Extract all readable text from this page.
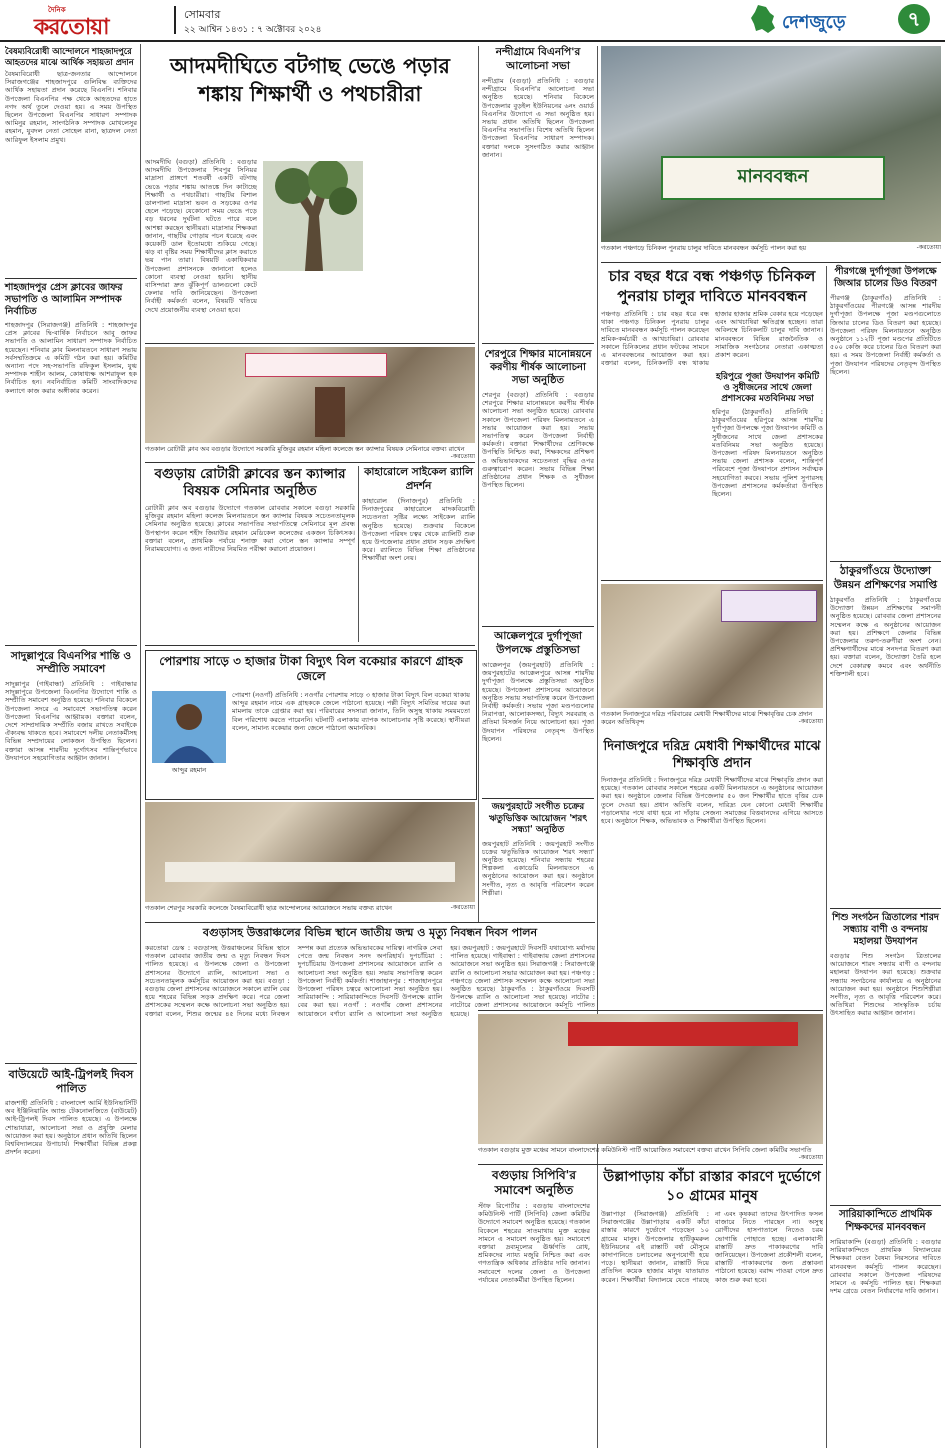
দৈনিক
করতোয়া	সোমবার
২২ আশ্বিন ১৪৩১ : ৭ অক্টোবর ২০২৪	দেশজুড়ে	৭
বৈষম্যবিরোধী আন্দোলনে শাহজাদপুরে আহতদের মাঝে আর্থিক সহায়তা প্রদান
বৈষম্যবিরোধী ছাত্র-জনতার আন্দোলনে সিরাজগঞ্জের শাহজাদপুরে গুলিবিদ্ধ ব্যক্তিদের আর্থিক সহায়তা প্রদান করেছে বিএনপি। শনিবার উপজেলা বিএনপির পক্ষ থেকে আহতদের হাতে নগদ অর্থ তুলে দেওয়া হয়। এ সময় উপস্থিত ছিলেন উপজেলা বিএনপির সাধারণ সম্পাদক আমিনুর রহমান, সাংগঠনিক সম্পাদক মোখলেসুর রহমান, যুবদল নেতা সোহেল রানা, ছাত্রদল নেতা আরিফুল ইসলাম প্রমুখ।
শাহজাদপুর প্রেস ক্লাবের জাফর সভাপতি ও আলামিন সম্পাদক নির্বাচিত
শাহজাদপুর (সিরাজগঞ্জ) প্রতিনিধি : শাহজাদপুর প্রেস ক্লাবের দ্বি-বার্ষিক নির্বাচনে আবু জাফর সভাপতি ও আলামিন সাধারণ সম্পাদক নির্বাচিত হয়েছেন। শনিবার ক্লাব মিলনায়তনে সাধারণ সভায় সর্বসম্মতিক্রমে এ কমিটি গঠন করা হয়। কমিটির অন্যান্য পদে সহ-সভাপতি রফিকুল ইসলাম, যুগ্ম সম্পাদক শাহীন আলম, কোষাধ্যক্ষ আশরাফুল হক নির্বাচিত হন। নবনির্বাচিত কমিটি সাংবাদিকদের কল্যাণে কাজ করার অঙ্গীকার করেন।
সাদুল্লাপুরে বিএনপির শান্তি ও সম্প্রীতি সমাবেশ
সাদুল্লাপুর (গাইবান্ধা) প্রতিনিধি : গাইবান্ধার সাদুল্লাপুরে উপজেলা বিএনপির উদ্যোগে শান্তি ও সম্প্রীতি সমাবেশ অনুষ্ঠিত হয়েছে। শনিবার বিকেলে উপজেলা সদরে এ সমাবেশে সভাপতিত্ব করেন উপজেলা বিএনপির আহ্বায়ক। বক্তারা বলেন, দেশে সাম্প্রদায়িক সম্প্রীতি বজায় রাখতে সবাইকে ঐক্যবদ্ধ থাকতে হবে। সমাবেশে দলীয় নেতাকর্মীসহ বিভিন্ন সম্প্রদায়ের লোকজন উপস্থিত ছিলেন। বক্তারা আসন্ন শারদীয় দুর্গোৎসব শান্তিপূর্ণভাবে উদযাপনে সহযোগিতার আহ্বান জানান।
বাউয়েটে আই-ট্রিপলই দিবস পালিত
রাজশাহী প্রতিনিধি : বাংলাদেশ আর্মি ইউনিভার্সিটি অব ইঞ্জিনিয়ারিং অ্যান্ড টেকনোলজিতে (বাউয়েট) আই-ট্রিপলই দিবস পালিত হয়েছে। এ উপলক্ষে শোভাযাত্রা, আলোচনা সভা ও প্রযুক্তি মেলার আয়োজন করা হয়। অনুষ্ঠানে প্রধান অতিথি ছিলেন বিশ্ববিদ্যালয়ের উপাচার্য। শিক্ষার্থীরা বিভিন্ন প্রকল্প প্রদর্শন করেন।
আদমদীঘিতে বটগাছ ভেঙে পড়ার শঙ্কায় শিক্ষার্থী ও পথচারীরা
আদমদীঘি (বগুড়া) প্রতিনিধি : বগুড়ার আদমদীঘি উপজেলার শিবপুর সিনিয়র মাদ্রাসা প্রাঙ্গণে শতবর্ষী একটি বটগাছ ভেঙে পড়ার শঙ্কায় আতঙ্কে দিন কাটাচ্ছে শিক্ষার্থী ও পথচারীরা। গাছটির বিশাল ডালপালা মাদ্রাসা ভবন ও সড়কের ওপর হেলে পড়েছে। যেকোনো সময় ভেঙে পড়ে বড় ধরনের দুর্ঘটনা ঘটতে পারে বলে আশঙ্কা করছেন স্থানীয়রা। মাদ্রাসার শিক্ষকরা জানান, গাছটির গোড়ায় পচন ধরেছে এবং কয়েকটি ডাল ইতোমধ্যে শুকিয়ে গেছে। ঝড় বা বৃষ্টির সময় শিক্ষার্থীদের ক্লাস করাতে ভয় পান তারা। বিষয়টি একাধিকবার উপজেলা প্রশাসনকে জানানো হলেও কোনো ব্যবস্থা নেওয়া হয়নি। স্থানীয় বাসিন্দারা দ্রুত ঝুঁকিপূর্ণ ডালগুলো কেটে ফেলার দাবি জানিয়েছেন। উপজেলা নির্বাহী কর্মকর্তা বলেন, বিষয়টি খতিয়ে দেখে প্রয়োজনীয় ব্যবস্থা নেওয়া হবে।
গতকাল রোটারী ক্লাব অব বগুড়ার উদ্যোগে সরকারি মুজিবুর রহমান মহিলা কলেজে স্তন ক্যান্সার বিষয়ক সেমিনারে বক্তব্য রাখেন
-করতোয়া
বগুড়ায় রোটারী ক্লাবের স্তন ক্যান্সার বিষয়ক সেমিনার অনুষ্ঠিত
রোটারী ক্লাব অব বগুড়ার উদ্যোগে গতকাল রোববার সকালে বগুড়া সরকারি মুজিবুর রহমান মহিলা কলেজ মিলনায়তনে স্তন ক্যান্সার বিষয়ক সচেতনতামূলক সেমিনার অনুষ্ঠিত হয়েছে। ক্লাবের সভাপতির সভাপতিত্বে সেমিনারে মূল প্রবন্ধ উপস্থাপন করেন শহীদ জিয়াউর রহমান মেডিকেল কলেজের একজন চিকিৎসক। বক্তারা বলেন, প্রাথমিক পর্যায়ে শনাক্ত করা গেলে স্তন ক্যান্সার সম্পূর্ণ নিরাময়যোগ্য। এ জন্য নারীদের নিয়মিত পরীক্ষা করানো প্রয়োজন।
কাহারোলে সাইকেল র‌্যালি প্রদর্শন
কাহারোল (দিনাজপুর) প্রতিনিধি : দিনাজপুরের কাহারোলে মাদকবিরোধী সচেতনতা সৃষ্টির লক্ষ্যে সাইকেল র‌্যালি অনুষ্ঠিত হয়েছে। শুক্রবার বিকেলে উপজেলা পরিষদ চত্বর থেকে র‌্যালিটি শুরু হয়ে উপজেলার প্রধান প্রধান সড়ক প্রদক্ষিণ করে। র‌্যালিতে বিভিন্ন শিক্ষা প্রতিষ্ঠানের শিক্ষার্থীরা অংশ নেয়।
পোরশায় সাড়ে ৩ হাজার টাকা বিদ্যুৎ বিল বকেয়ার কারণে গ্রাহক জেলে
আব্দুর রহমান
পোরশা (নওগাঁ) প্রতিনিধি : নওগাঁর পোরশায় সাড়ে ৩ হাজার টাকা বিদ্যুৎ বিল বকেয়া থাকায় আব্দুর রহমান নামে এক গ্রাহককে জেলে পাঠানো হয়েছে। পল্লী বিদ্যুৎ সমিতির দায়ের করা মামলায় তাকে গ্রেপ্তার করা হয়। পরিবারের সদস্যরা জানান, তিনি অসুস্থ থাকায় সময়মতো বিল পরিশোধ করতে পারেননি। ঘটনাটি এলাকায় ব্যাপক আলোচনার সৃষ্টি করেছে। স্থানীয়রা বলেন, সামান্য বকেয়ার জন্য জেলে পাঠানো অমানবিক।
গতকাল শেরপুর সরকারি কলেজে বৈষম্যবিরোধী ছাত্র আন্দোলনের আয়োজনে সভায় বক্তব্য রাখেন	-করতোয়া
বগুড়াসহ উত্তরাঞ্চলের বিভিন্ন স্থানে জাতীয় জন্ম ও মৃত্যু নিবন্ধন দিবস পালন
করতোয়া ডেস্ক : বগুড়াসহ উত্তরাঞ্চলের বিভিন্ন স্থানে গতকাল রোববার জাতীয় জন্ম ও মৃত্যু নিবন্ধন দিবস পালিত হয়েছে। এ উপলক্ষে জেলা ও উপজেলা প্রশাসনের উদ্যোগে র‌্যালি, আলোচনা সভা ও সচেতনতামূলক কর্মসূচির আয়োজন করা হয়। বগুড়া : বগুড়ায় জেলা প্রশাসনের আয়োজনে সকালে র‌্যালি বের হয়ে শহরের বিভিন্ন সড়ক প্রদক্ষিণ করে। পরে জেলা প্রশাসকের সম্মেলন কক্ষে আলোচনা সভা অনুষ্ঠিত হয়। বক্তারা বলেন, শিশুর জন্মের ৪৫ দিনের মধ্যে নিবন্ধন সম্পন্ন করা প্রত্যেক অভিভাবকের দায়িত্ব। নাগরিক সেবা পেতে জন্ম নিবন্ধন সনদ অপরিহার্য। দুপচাঁচিয়া : দুপচাঁচিয়ায় উপজেলা প্রশাসনের আয়োজনে র‌্যালি ও আলোচনা সভা অনুষ্ঠিত হয়। সভায় সভাপতিত্ব করেন উপজেলা নির্বাহী কর্মকর্তা। শাজাহানপুর : শাজাহানপুরে উপজেলা পরিষদ চত্বরে আলোচনা সভা অনুষ্ঠিত হয়। সারিয়াকান্দি : সারিয়াকান্দিতে দিবসটি উপলক্ষে র‌্যালি বের করা হয়। নওগাঁ : নওগাঁয় জেলা প্রশাসনের আয়োজনে বর্ণাঢ্য র‌্যালি ও আলোচনা সভা অনুষ্ঠিত হয়। জয়পুরহাট : জয়পুরহাটে দিবসটি যথাযোগ্য মর্যাদায় পালিত হয়েছে। গাইবান্ধা : গাইবান্ধায় জেলা প্রশাসনের আয়োজনে সভা অনুষ্ঠিত হয়। সিরাজগঞ্জ : সিরাজগঞ্জে র‌্যালি ও আলোচনা সভার আয়োজন করা হয়। পঞ্চগড় : পঞ্চগড়ে জেলা প্রশাসক সম্মেলন কক্ষে আলোচনা সভা অনুষ্ঠিত হয়েছে। ঠাকুরগাঁও : ঠাকুরগাঁওয়ে দিবসটি উপলক্ষে র‌্যালি ও আলোচনা সভা হয়েছে। নাটোর : নাটোরে জেলা প্রশাসনের আয়োজনে কর্মসূচি পালিত হয়েছে।
নন্দীগ্রামে বিএনপি'র আলোচনা সভা
নন্দীগ্রাম (বগুড়া) প্রতিনিধি : বগুড়ার নন্দীগ্রামে বিএনপি'র আলোচনা সভা অনুষ্ঠিত হয়েছে। শনিবার বিকেলে উপজেলার বুড়ইল ইউনিয়নের ৬নং ওয়ার্ড বিএনপির উদ্যোগে এ সভা অনুষ্ঠিত হয়। সভায় প্রধান অতিথি ছিলেন উপজেলা বিএনপির সভাপতি। বিশেষ অতিথি ছিলেন উপজেলা বিএনপির সাধারণ সম্পাদক। বক্তারা দলকে সুসংগঠিত করার আহ্বান জানান।
শেরপুরে শিক্ষার মানোন্নয়নে করণীয় শীর্ষক আলোচনা সভা অনুষ্ঠিত
শেরপুর (বগুড়া) প্রতিনিধি : বগুড়ার শেরপুরে শিক্ষার মানোন্নয়নে করণীয় শীর্ষক আলোচনা সভা অনুষ্ঠিত হয়েছে। রোববার সকালে উপজেলা পরিষদ মিলনায়তনে এ সভার আয়োজন করা হয়। সভায় সভাপতিত্ব করেন উপজেলা নির্বাহী কর্মকর্তা। বক্তারা শিক্ষার্থীদের শ্রেণিকক্ষে উপস্থিতি নিশ্চিত করা, শিক্ষকদের প্রশিক্ষণ ও অভিভাবকদের সচেতনতা বৃদ্ধির ওপর গুরুত্বারোপ করেন। সভায় বিভিন্ন শিক্ষা প্রতিষ্ঠানের প্রধান শিক্ষক ও সুধীজন উপস্থিত ছিলেন।
আক্কেলপুরে দুর্গাপূজা উপলক্ষে প্রস্তুতিসভা
আক্কেলপুর (জয়পুরহাট) প্রতিনিধি : জয়পুরহাটের আক্কেলপুরে আসন্ন শারদীয় দুর্গাপূজা উপলক্ষে প্রস্তুতিসভা অনুষ্ঠিত হয়েছে। উপজেলা প্রশাসনের আয়োজনে অনুষ্ঠিত সভায় সভাপতিত্ব করেন উপজেলা নির্বাহী কর্মকর্তা। সভায় পূজা মণ্ডপগুলোর নিরাপত্তা, আলোকসজ্জা, বিদ্যুৎ সরবরাহ ও প্রতিমা বিসর্জন নিয়ে আলোচনা হয়। পূজা উদযাপন পরিষদের নেতৃবৃন্দ উপস্থিত ছিলেন।
জয়পুরহাটে সংগীত চক্রের ঋতুভিত্তিক আয়োজন 'শরৎ সন্ধ্যা' অনুষ্ঠিত
জয়পুরহাট প্রতিনিধি : জয়পুরহাট সংগীত চক্রের ঋতুভিত্তিক আয়োজন 'শরৎ সন্ধ্যা' অনুষ্ঠিত হয়েছে। শনিবার সন্ধ্যায় শহরের শিল্পকলা একাডেমি মিলনায়তনে এ অনুষ্ঠানের আয়োজন করা হয়। অনুষ্ঠানে সংগীত, নৃত্য ও আবৃত্তি পরিবেশন করেন শিল্পীরা।
মানববন্ধন
গতকাল পঞ্চগড়ে চিনিকল পুনরায় চালুর দাবিতে মানববন্ধন কর্মসূচি পালন করা হয়	-করতোয়া
চার বছর ধরে বন্ধ পঞ্চগড় চিনিকল পুনরায় চালুর দাবিতে মানববন্ধন
পঞ্চগড় প্রতিনিধি : চার বছর ধরে বন্ধ থাকা পঞ্চগড় চিনিকল পুনরায় চালুর দাবিতে মানববন্ধন কর্মসূচি পালন করেছেন শ্রমিক-কর্মচারী ও আখচাষিরা। রোববার সকালে চিনিকলের প্রধান ফটকের সামনে এ মানববন্ধনের আয়োজন করা হয়। বক্তারা বলেন, চিনিকলটি বন্ধ থাকায় হাজার হাজার শ্রমিক বেকার হয়ে পড়েছেন এবং আখচাষিরা ক্ষতিগ্রস্ত হচ্ছেন। তারা অবিলম্বে চিনিকলটি চালুর দাবি জানান। মানববন্ধনে বিভিন্ন রাজনৈতিক ও সামাজিক সংগঠনের নেতারা একাত্মতা প্রকাশ করেন।
পীরগঞ্জে দুর্গাপূজা উপলক্ষে জিআর চালের ডিও বিতরণ
পীরগঞ্জ (ঠাকুরগাঁও) প্রতিনিধি : ঠাকুরগাঁওয়ের পীরগঞ্জে আসন্ন শারদীয় দুর্গাপূজা উপলক্ষে পূজা মণ্ডপগুলোতে জিআর চালের ডিও বিতরণ করা হয়েছে। উপজেলা পরিষদ মিলনায়তনে অনুষ্ঠিত অনুষ্ঠানে ১১২টি পূজা মণ্ডপের প্রতিটিতে ৫০০ কেজি করে চালের ডিও বিতরণ করা হয়। এ সময় উপজেলা নির্বাহী কর্মকর্তা ও পূজা উদযাপন পরিষদের নেতৃবৃন্দ উপস্থিত ছিলেন।
হরিপুরে পূজা উদযাপন কমিটি ও সুধীজনের সাথে জেলা প্রশাসকের মতবিনিময় সভা
হরিপুর (ঠাকুরগাঁও) প্রতিনিধি : ঠাকুরগাঁওয়ের হরিপুরে আসন্ন শারদীয় দুর্গাপূজা উপলক্ষে পূজা উদযাপন কমিটি ও সুধীজনের সাথে জেলা প্রশাসকের মতবিনিময় সভা অনুষ্ঠিত হয়েছে। উপজেলা পরিষদ মিলনায়তনে অনুষ্ঠিত সভায় জেলা প্রশাসক বলেন, শান্তিপূর্ণ পরিবেশে পূজা উদযাপনে প্রশাসন সর্বাত্মক সহযোগিতা করবে। সভায় পুলিশ সুপারসহ উপজেলা প্রশাসনের কর্মকর্তারা উপস্থিত ছিলেন।
ঠাকুরগাঁওয়ে উদ্যোক্তা উন্নয়ন প্রশিক্ষণের সমাপ্তি
ঠাকুরগাঁও প্রতিনিধি : ঠাকুরগাঁওয়ে উদ্যোক্তা উন্নয়ন প্রশিক্ষণের সমাপনী অনুষ্ঠিত হয়েছে। রোববার জেলা প্রশাসনের সম্মেলন কক্ষে এ অনুষ্ঠানের আয়োজন করা হয়। প্রশিক্ষণে জেলার বিভিন্ন উপজেলার তরুণ-তরুণীরা অংশ নেন। প্রশিক্ষণার্থীদের মাঝে সনদপত্র বিতরণ করা হয়। বক্তারা বলেন, উদ্যোক্তা তৈরি হলে দেশে বেকারত্ব কমবে এবং অর্থনীতি শক্তিশালী হবে।
শিশু সংগঠন ত্রিতালের শারদ সন্ধ্যায় বাণী ও বন্দনায় মহালয়া উদযাপন
বগুড়ার শিশু সংগঠন ত্রিতালের আয়োজনে শারদ সন্ধ্যায় বাণী ও বন্দনায় মহালয়া উদযাপন করা হয়েছে। শুক্রবার সন্ধ্যায় সংগঠনের কার্যালয়ে এ অনুষ্ঠানের আয়োজন করা হয়। অনুষ্ঠানে শিশুশিল্পীরা সংগীত, নৃত্য ও আবৃত্তি পরিবেশন করে। অতিথিরা শিশুদের সাংস্কৃতিক চর্চায় উৎসাহিত করার আহ্বান জানান।
সারিয়াকান্দিতে প্রাথমিক শিক্ষকদের মানববন্ধন
সারিয়াকান্দি (বগুড়া) প্রতিনিধি : বগুড়ার সারিয়াকান্দিতে প্রাথমিক বিদ্যালয়ের শিক্ষকরা বেতন বৈষম্য নিরসনের দাবিতে মানববন্ধন কর্মসূচি পালন করেছেন। রোববার সকালে উপজেলা পরিষদের সামনে এ কর্মসূচি পালিত হয়। শিক্ষকরা দশম গ্রেডে বেতন নির্ধারণের দাবি জানান।
গতকাল দিনাজপুরে দরিদ্র পরিবারের মেধাবী শিক্ষার্থীদের মাঝে শিক্ষাবৃত্তির চেক প্রদান করেন অতিথিবৃন্দ	-করতোয়া
দিনাজপুরে দরিদ্র মেধাবী শিক্ষার্থীদের মাঝে শিক্ষাবৃত্তি প্রদান
দিনাজপুর প্রতিনিধি : দিনাজপুরে দরিদ্র মেধাবী শিক্ষার্থীদের মাঝে শিক্ষাবৃত্তি প্রদান করা হয়েছে। গতকাল রোববার সকালে শহরের একটি মিলনায়তনে এ অনুষ্ঠানের আয়োজন করা হয়। অনুষ্ঠানে জেলার বিভিন্ন উপজেলার ৫০ জন শিক্ষার্থীর হাতে বৃত্তির চেক তুলে দেওয়া হয়। প্রধান অতিথি বলেন, দারিদ্র্য যেন কোনো মেধাবী শিক্ষার্থীর পড়ালেখার পথে বাধা হয়ে না দাঁড়ায় সেজন্য সমাজের বিত্তবানদের এগিয়ে আসতে হবে। অনুষ্ঠানে শিক্ষক, অভিভাবক ও শিক্ষার্থীরা উপস্থিত ছিলেন।
গতকাল বগুড়ায় মুক্ত মঞ্চের সামনে বাংলাদেশের কমিউনিস্ট পার্টি আয়োজিত সমাবেশে বক্তব্য রাখেন সিপিবি জেলা কমিটির সভাপতি
-করতোয়া
বগুড়ায় সিপিবি'র সমাবেশ অনুষ্ঠিত
স্টাফ রিপোর্টার : বগুড়ায় বাংলাদেশের কমিউনিস্ট পার্টি (সিপিবি) জেলা কমিটির উদ্যোগে সমাবেশ অনুষ্ঠিত হয়েছে। গতকাল বিকেলে শহরের সাতমাথায় মুক্ত মঞ্চের সামনে এ সমাবেশ অনুষ্ঠিত হয়। সমাবেশে বক্তারা দ্রব্যমূল্যের ঊর্ধ্বগতি রোধ, শ্রমিকদের ন্যায্য মজুরি নিশ্চিত করা এবং গণতান্ত্রিক অধিকার প্রতিষ্ঠার দাবি জানান। সমাবেশে দলের জেলা ও উপজেলা পর্যায়ের নেতাকর্মীরা উপস্থিত ছিলেন।
উল্লাপাড়ায় কাঁচা রাস্তার কারণে দুর্ভোগে ১০ গ্রামের মানুষ
উল্লাপাড়া (সিরাজগঞ্জ) প্রতিনিধি : সিরাজগঞ্জের উল্লাপাড়ায় একটি কাঁচা রাস্তার কারণে দুর্ভোগে পড়েছেন ১০ গ্রামের মানুষ। উপজেলার হাটিকুমরুল ইউনিয়নের এই রাস্তাটি বর্ষা মৌসুমে কাদাপানিতে চলাচলের অনুপযোগী হয়ে পড়ে। স্থানীয়রা জানান, রাস্তাটি দিয়ে প্রতিদিন কয়েক হাজার মানুষ যাতায়াত করেন। শিক্ষার্থীরা বিদ্যালয়ে যেতে পারছে না এবং কৃষকরা তাদের উৎপাদিত ফসল বাজারে নিতে পারছেন না। অসুস্থ রোগীদের হাসপাতালে নিতেও চরম ভোগান্তি পোহাতে হচ্ছে। এলাকাবাসী রাস্তাটি দ্রুত পাকাকরণের দাবি জানিয়েছেন। উপজেলা প্রকৌশলী বলেন, রাস্তাটি পাকাকরণের জন্য প্রস্তাবনা পাঠানো হয়েছে। বরাদ্দ পাওয়া গেলে দ্রুত কাজ শুরু করা হবে।
